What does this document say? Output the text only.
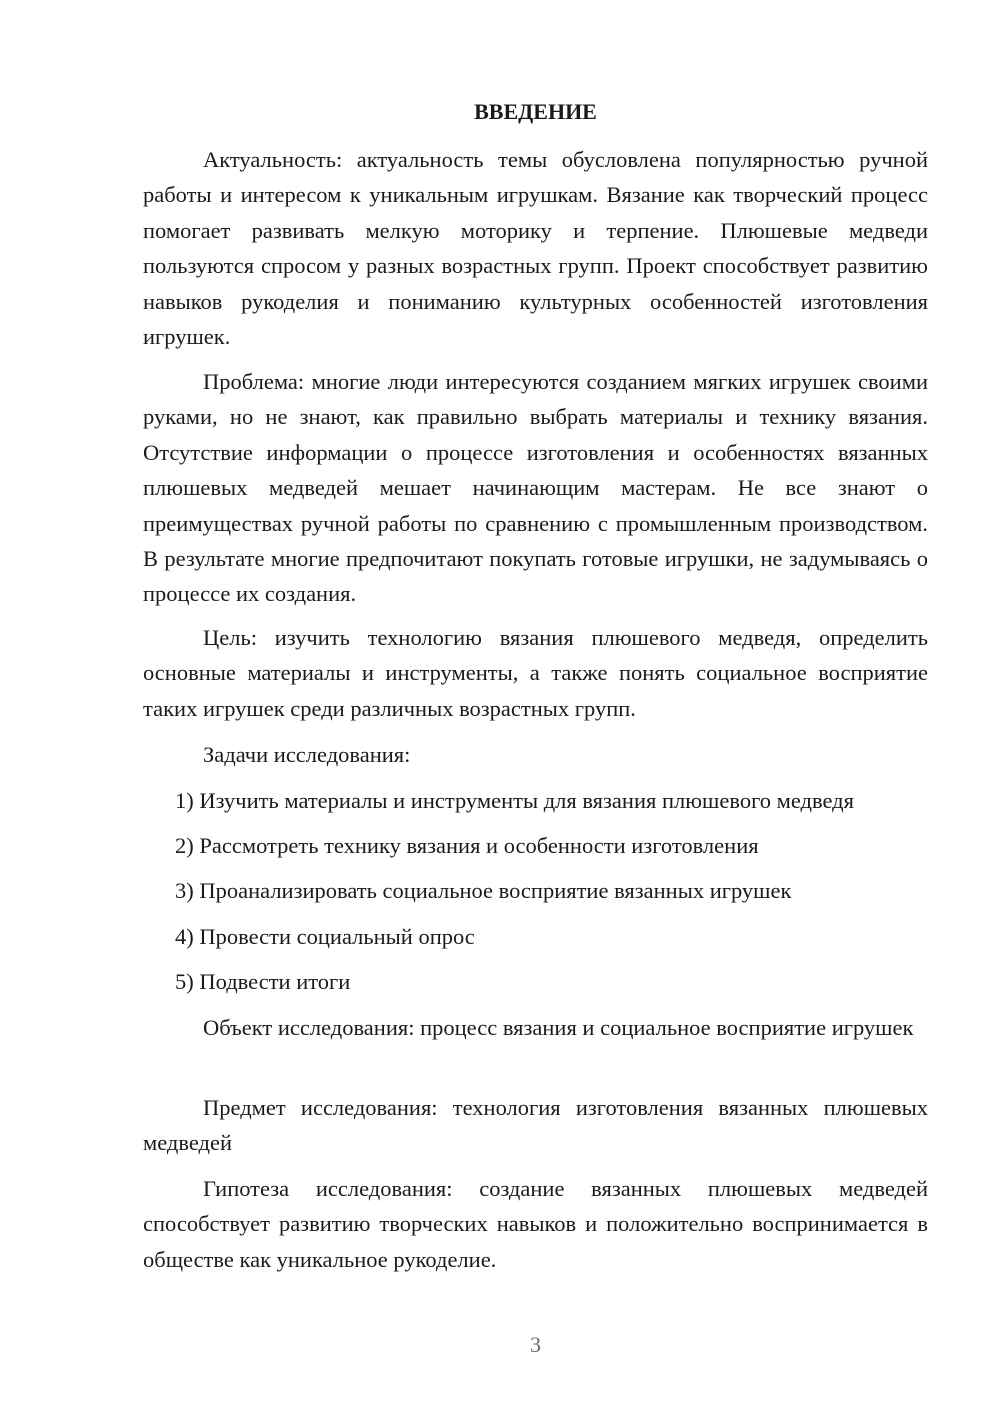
ВВЕДЕНИЕ

Актуальность: актуальность темы обусловлена популярностью ручной работы и интересом к уникальным игрушкам. Вязание как творческий процесс помогает развивать мелкую моторику и терпение. Плюшевые медведи пользуются спросом у разных возрастных групп. Проект способствует развитию навыков рукоделия и пониманию культурных особенностей изготовления игрушек.

Проблема: многие люди интересуются созданием мягких игрушек своими руками, но не знают, как правильно выбрать материалы и технику вязания. Отсутствие информации о процессе изготовления и особенностях вязанных плюшевых медведей мешает начинающим мастерам. Не все знают о преимуществах ручной работы по сравнению с промышленным производством. В результате многие предпочитают покупать готовые игрушки, не задумываясь о процессе их создания.

Цель: изучить технологию вязания плюшевого медведя, определить основные материалы и инструменты, а также понять социальное восприятие таких игрушек среди различных возрастных групп.

Задачи исследования:

1) Изучить материалы и инструменты для вязания плюшевого медведя

2) Рассмотреть технику вязания и особенности изготовления

3) Проанализировать социальное восприятие вязанных игрушек

4) Провести социальный опрос

5) Подвести итоги

Объект исследования: процесс вязания и социальное восприятие игрушек

Предмет исследования: технология изготовления вязанных плюшевых медведей

Гипотеза исследования: создание вязанных плюшевых медведей способствует развитию творческих навыков и положительно воспринимается в обществе как уникальное рукоделие.

3
